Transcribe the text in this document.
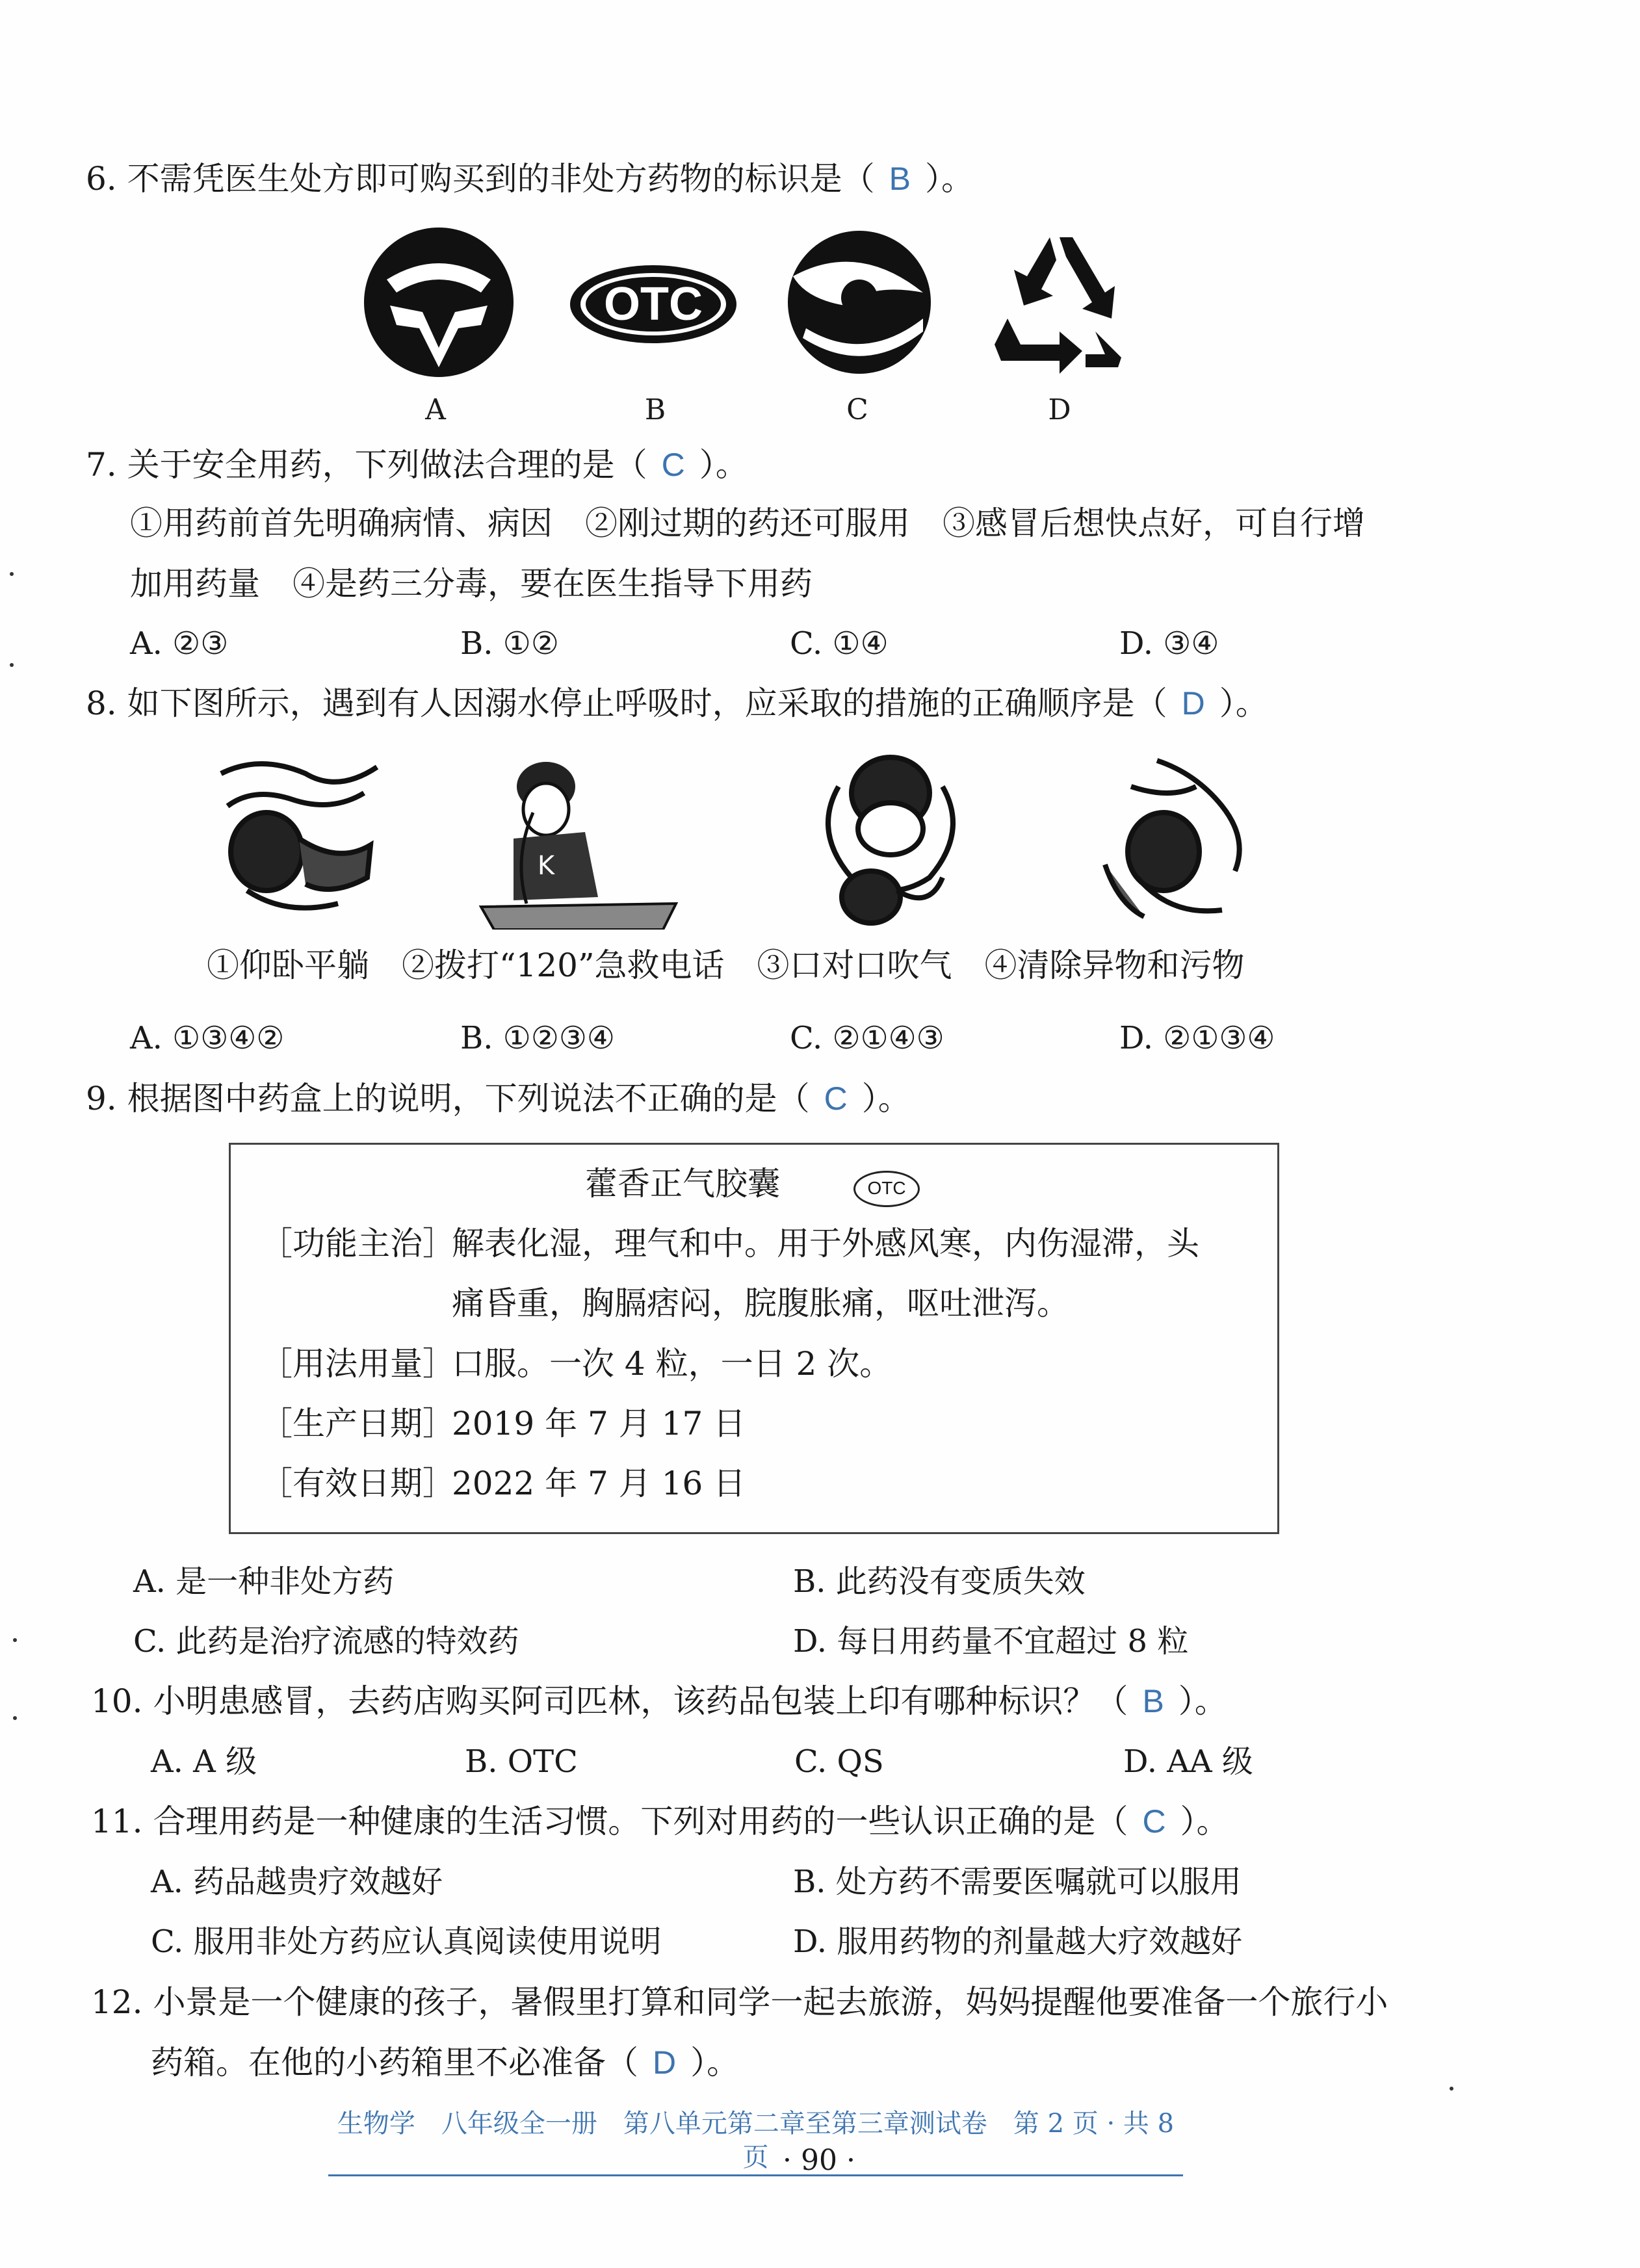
6. 不需凭医生处方即可购买到的非处方药物的标识是（ B ）。
OTC
A	B	C	D
7. 关于安全用药，下列做法合理的是（ C ）。
①用药前首先明确病情、病因　②刚过期的药还可服用　③感冒后想快点好，可自行增
加用药量　④是药三分毒，要在医生指导下用药
A. ②③	B. ①②	C. ①④	D. ③④
8. 如下图所示，遇到有人因溺水停止呼吸时，应采取的措施的正确顺序是（ D ）。
K
①仰卧平躺　②拨打“120”急救电话　③口对口吹气　④清除异物和污物
A. ①③④②	B. ①②③④	C. ②①④③	D. ②①③④
9. 根据图中药盒上的说明，下列说法不正确的是（ C ）。
藿香正气胶囊	OTC
［功能主治］
解表化湿，理气和中。用于外感风寒，内伤湿滞，头
痛昏重，胸膈痞闷，脘腹胀痛，呕吐泄泻。
［用法用量］
口服。一次 4 粒，一日 2 次。
［生产日期］
2019 年 7 月 17 日
［有效日期］
2022 年 7 月 16 日
A. 是一种非处方药	B. 此药没有变质失效
C. 此药是治疗流感的特效药	D. 每日用药量不宜超过 8 粒
10. 小明患感冒，去药店购买阿司匹林，该药品包装上印有哪种标识？（ B ）。
A. A 级	B. OTC	C. QS	D. AA 级
11. 合理用药是一种健康的生活习惯。下列对用药的一些认识正确的是（ C ）。
A. 药品越贵疗效越好	B. 处方药不需要医嘱就可以服用
C. 服用非处方药应认真阅读使用说明	D. 服用药物的剂量越大疗效越好
12. 小景是一个健康的孩子，暑假里打算和同学一起去旅游，妈妈提醒他要准备一个旅行小
药箱。在他的小药箱里不必准备（ D ）。
生物学　八年级全一册　第八单元第二章至第三章测试卷　第 2 页 · 共 8 页 · 90 ·
